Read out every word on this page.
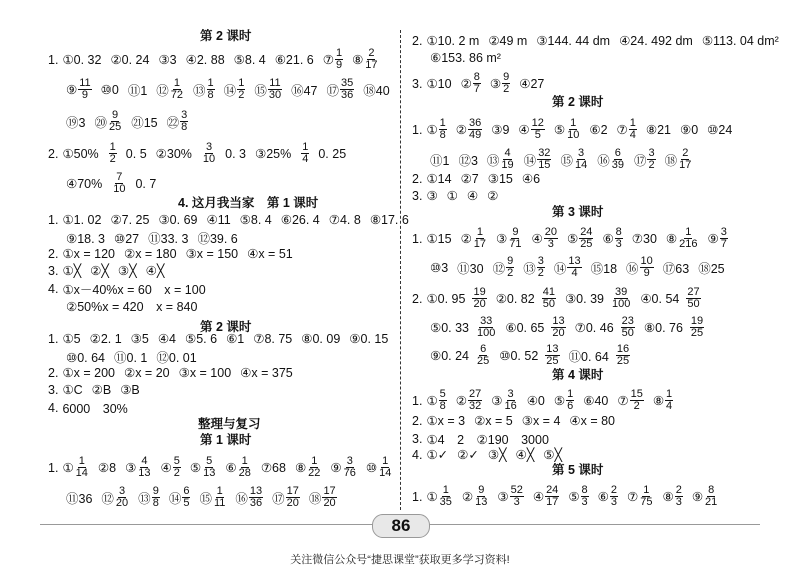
第 2 课时
1. ①0. 32 ②0. 24 ③3 ④2. 88 ⑤8. 4 ⑥21. 6 ⑦ $\frac{1}{9}$ ⑧ $\frac{2}{17}$
⑨ $\frac{11}{9}$ ⑩0 ⑪1 ⑫ $\frac{1}{72}$ ⑬ $\frac{1}{8}$ ⑭ $\frac{1}{2}$ ⑮ $\frac{11}{30}$ ⑯47 ⑰ $\frac{35}{36}$ ⑱40
⑲3 ⑳ $\frac{9}{25}$ ㉑15 ㉒ $\frac{3}{8}$
2. ①50% $\frac{1}{2} 0$. 5 ②30% $\frac{3}{10} 0$. 3 ③25% $\frac{1}{4} 0$. 25
④70% $\frac{7}{10} 0$. 7
4. 这月我当家　第 1 课时
1. ①1. 02 ②7. 25 ③0. 69 ④11 ⑤8. 4 ⑥26. 4 ⑦4. 8 ⑧17. 6
⑨18. 3 ⑩27 ⑪33. 3 ⑫39. 6
2. ①x = 120 ②x = 180 ③x = 150 ④x = 51
3. ①╳ ②╳ ③╳ ④╳
4. ①x－40%x = 60　x = 100
②50%x = 420　x = 840
第 2 课时
1. ①5 ②2. 1 ③5 ④4 ⑤5. 6 ⑥1 ⑦8. 75 ⑧0. 09 ⑨0. 15
⑩0. 64 ⑪0. 1 ⑫0. 01
2. ①x = 200 ②x = 20 ③x = 100 ④x = 375
3. ①C ②B ③B
4. 6000　30%
整理与复习
第 1 课时
1. ① $\frac{1}{14}$ ②8 ③ $\frac{4}{13}$ ④ $\frac{5}{2}$ ⑤ $\frac{5}{13}$ ⑥ $\frac{1}{28}$ ⑦68 ⑧ $\frac{1}{22}$ ⑨ $\frac{3}{76}$ ⑩ $\frac{1}{14}$
⑪36 ⑫ $\frac{3}{20}$ ⑬ $\frac{9}{8}$ ⑭ $\frac{6}{5}$ ⑮ $\frac{1}{11}$ ⑯ $\frac{13}{36}$ ⑰ $\frac{17}{20}$ ⑱ $\frac{17}{20}$
2. ①10. 2 m ②49 m ③144. 44 dm ④24. 492 dm ⑤113. 04 dm²
⑥153. 86 m²
3. ①10 ② $\frac{8}{7}$ ③ $\frac{9}{2}$ ④27
第 2 课时
1. ① $\frac{1}{8}$ ② $\frac{36}{49}$ ③9 ④ $\frac{12}{5}$ ⑤ $\frac{1}{10}$ ⑥2 ⑦ $\frac{1}{4}$ ⑧21 ⑨0 ⑩24
⑪1 ⑫3 ⑬ $\frac{4}{19}$ ⑭ $\frac{32}{15}$ ⑮ $\frac{3}{14}$ ⑯ $\frac{6}{39}$ ⑰ $\frac{3}{2}$ ⑱ $\frac{2}{17}$
2. ①14 ②7 ③15 ④6
3. ③ ① ④ ②
第 3 课时
1. ①15 ② $\frac{1}{17}$ ③ $\frac{9}{71}$ ④ $\frac{20}{3}$ ⑤ $\frac{24}{25}$ ⑥ $\frac{8}{3}$ ⑦30 ⑧ $\frac{1}{216}$ ⑨ $\frac{3}{7}$
⑩3 ⑪30 ⑫ $\frac{9}{2}$ ⑬ $\frac{3}{2}$ ⑭ $\frac{13}{4}$ ⑮18 ⑯ $\frac{10}{9}$ ⑰63 ⑱25
2. ①0. $95 \frac{19}{20}$ ②0. $82 \frac{41}{50}$ ③0. $39 \frac{39}{100}$ ④0. $54 \frac{27}{50}$
⑤0. $33 \frac{33}{100}$ ⑥0. $65 \frac{13}{20}$ ⑦0. $46 \frac{23}{50}$ ⑧0. $76 \frac{19}{25}$
⑨0. $24 \frac{6}{25}$ ⑩0. $52 \frac{13}{25}$ ⑪0. $64 \frac{16}{25}$
第 4 课时
1. ① $\frac{5}{8}$ ② $\frac{27}{32}$ ③ $\frac{3}{16}$ ④0 ⑤ $\frac{1}{6}$ ⑥40 ⑦ $\frac{15}{2}$ ⑧ $\frac{1}{4}$
2. ①x = 3 ②x = 5 ③x = 4 ④x = 80
3. ①4　2　②190　3000
4. ①✓ ②✓ ③╳ ④╳ ⑤╳
第 5 课时
1. ① $\frac{1}{35}$ ② $\frac{9}{13}$ ③ $\frac{52}{3}$ ④ $\frac{24}{17}$ ⑤ $\frac{8}{3}$ ⑥ $\frac{2}{3}$ ⑦ $\frac{1}{75}$ ⑧ $\frac{2}{3}$ ⑨ $\frac{8}{21}$
86
关注微信公众号“捷思课堂”获取更多学习资料!
